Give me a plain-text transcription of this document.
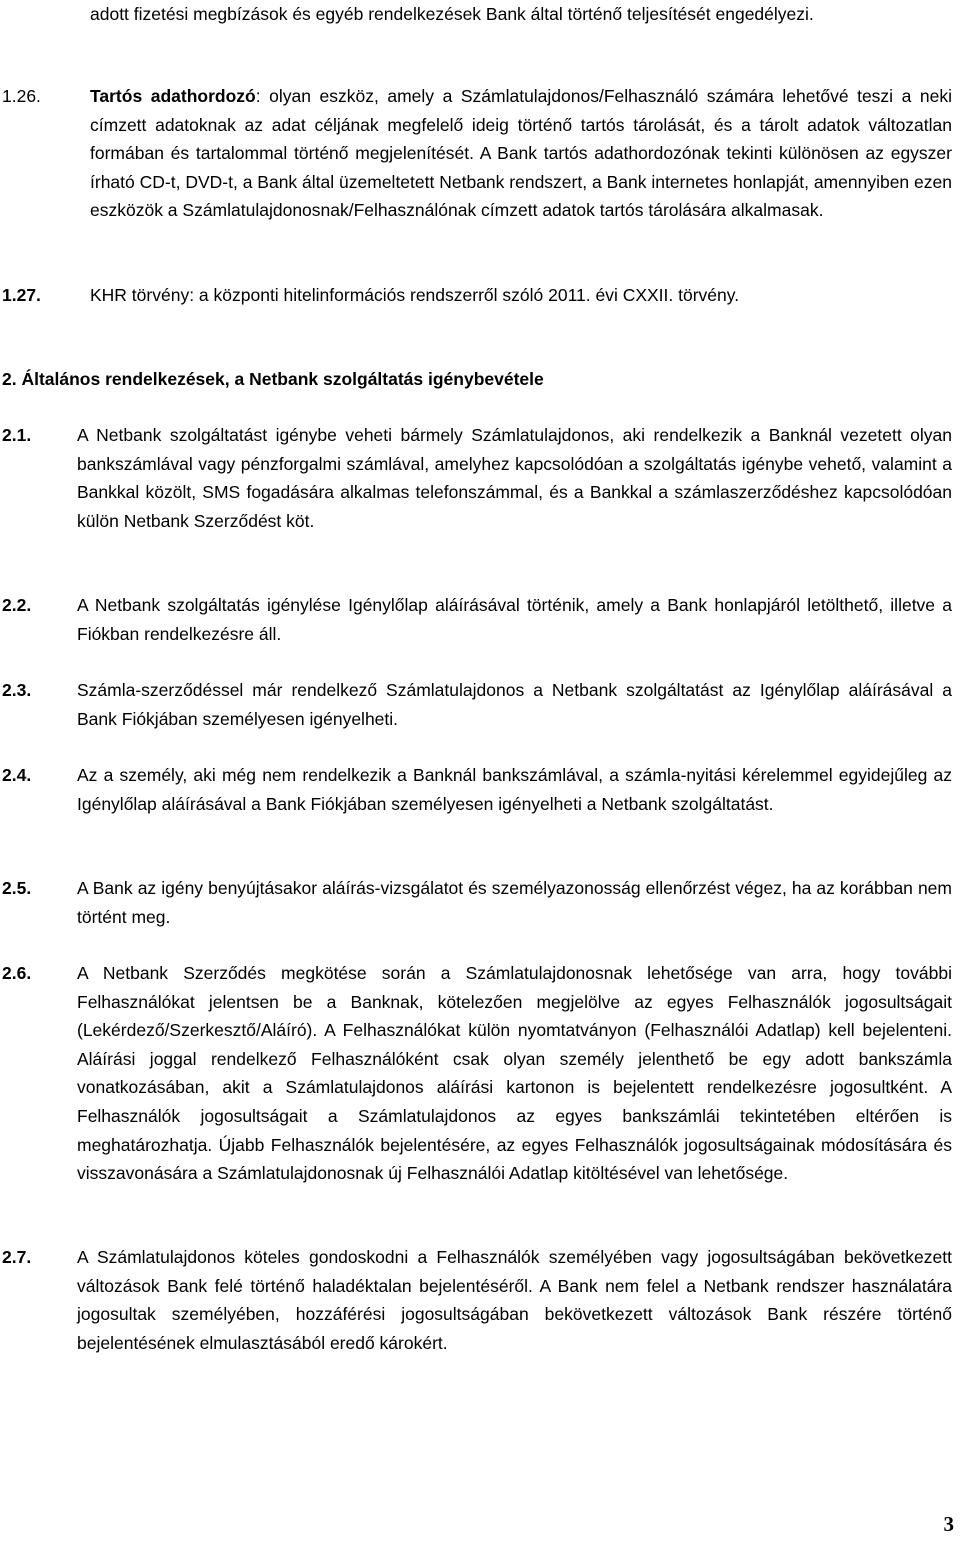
adott fizetési megbízások és egyéb rendelkezések Bank által történő teljesítését engedélyezi.

1.26.	Tartós adathordozó: olyan eszköz, amely a Számlatulajdonos/Felhasználó számára lehetővé teszi a neki címzett adatoknak az adat céljának megfelelő ideig történő tartós tárolását, és a tárolt adatok változatlan formában és tartalommal történő megjelenítését. A Bank tartós adathordozónak tekinti különösen az egyszer írható CD-t, DVD-t, a Bank által üzemeltetett Netbank rendszert, a Bank internetes honlapját, amennyiben ezen eszközök a Számlatulajdonosnak/Felhasználónak címzett adatok tartós tárolására alkalmasak.
1.27.	KHR törvény: a központi hitelinformációs rendszerről szóló 2011. évi CXXII. törvény.
2. Általános rendelkezések, a Netbank szolgáltatás igénybevétele
2.1.	A Netbank szolgáltatást igénybe veheti bármely Számlatulajdonos, aki rendelkezik a Banknál vezetett olyan bankszámlával vagy pénzforgalmi számlával, amelyhez kapcsolódóan a szolgáltatás igénybe vehető, valamint a Bankkal közölt, SMS fogadására alkalmas telefonszámmal, és a Bankkal a számlaszerződéshez kapcsolódóan külön Netbank Szerződést köt.
2.2.	A Netbank szolgáltatás igénylése Igénylőlap aláírásával történik, amely a Bank honlapjáról letölthető, illetve a Fiókban rendelkezésre áll.
2.3.	Számla-szerződéssel már rendelkező Számlatulajdonos a Netbank szolgáltatást az Igénylőlap aláírásával a Bank Fiókjában személyesen igényelheti.
2.4.	Az a személy, aki még nem rendelkezik a Banknál bankszámlával, a számla-nyitási kérelemmel egyidejűleg az Igénylőlap aláírásával a Bank Fiókjában személyesen igényelheti a Netbank szolgáltatást.
2.5.	A Bank az igény benyújtásakor aláírás-vizsgálatot és személyazonosság ellenőrzést végez, ha az korábban nem történt meg.
2.6.	A Netbank Szerződés megkötése során a Számlatulajdonosnak lehetősége van arra, hogy további Felhasználókat jelentsen be a Banknak, kötelezően megjelölve az egyes Felhasználók jogosultságait (Lekérdező/Szerkesztő/Aláíró). A Felhasználókat külön nyomtatványon (Felhasználói Adatlap) kell bejelenteni. Aláírási joggal rendelkező Felhasználóként csak olyan személy jelenthető be egy adott bankszámla vonatkozásában, akit a Számlatulajdonos aláírási kartonon is bejelentett rendelkezésre jogosultként. A Felhasználók jogosultságait a Számlatulajdonos az egyes bankszámlái tekintetében eltérően is meghatározhatja. Újabb Felhasználók bejelentésére, az egyes Felhasználók jogosultságainak módosítására és visszavonására a Számlatulajdonosnak új Felhasználói Adatlap kitöltésével van lehetősége.
2.7.	A Számlatulajdonos köteles gondoskodni a Felhasználók személyében vagy jogosultságában bekövetkezett változások Bank felé történő haladéktalan bejelentéséről. A Bank nem felel a Netbank rendszer használatára jogosultak személyében, hozzáférési jogosultságában bekövetkezett változások Bank részére történő bejelentésének elmulasztásából eredő károkért.
3
